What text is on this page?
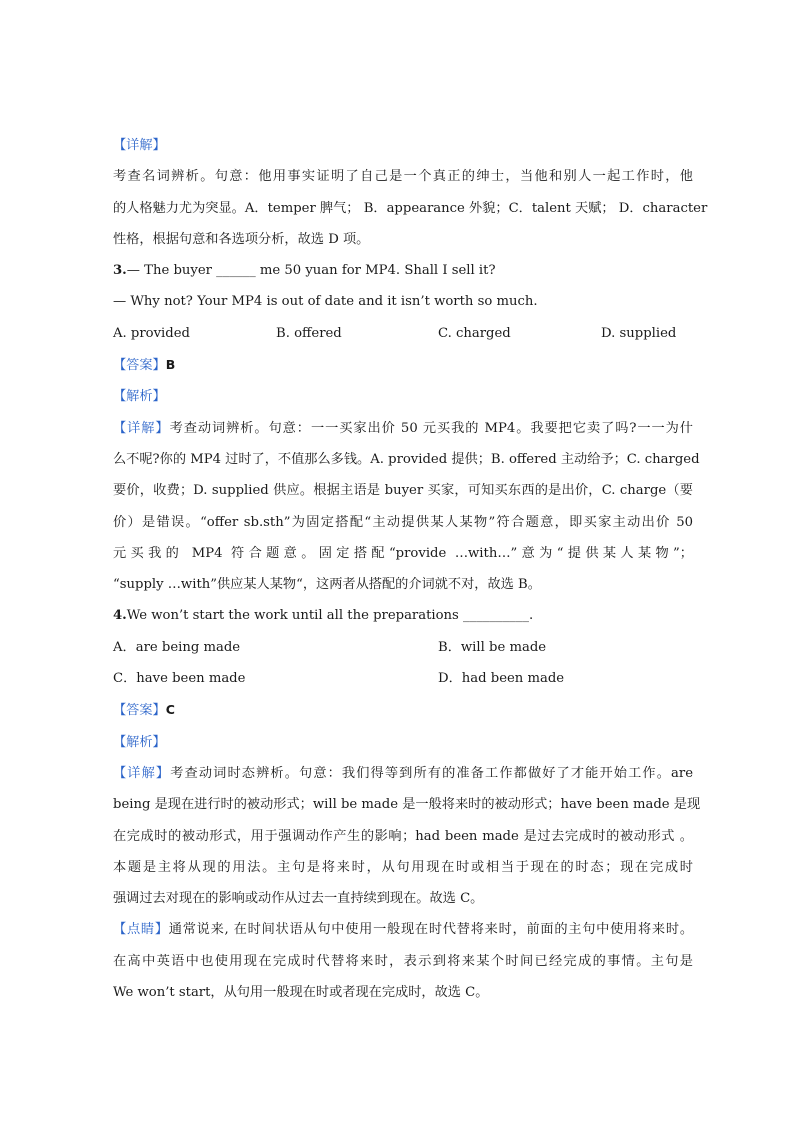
【详解】
考查名词辨析。句意：他用事实证明了自己是一个真正的绅士，当他和别人一起工作时，他
的人格魅力尤为突显。A．temper 脾气； B．appearance 外貌；C．talent 天赋； D．character
性格，根据句意和各选项分析，故选 D 项。
3.— The buyer ______ me 50 yuan for MP4. Shall I sell it?
— Why not? Your MP4 is out of date and it isn’t worth so much.
A. provided	B. offered	C. charged	D. supplied
【答案】B
【解析】
【详解】考查动词辨析。句意：一一买家出价 50 元买我的 MP4。我要把它卖了吗?一一为什
么不呢?你的 MP4 过时了，不值那么多钱。A. provided 提供；B. offered 主动给予；C. charged
要价，收费；D. supplied 供应。根据主语是 buyer 买家，可知买东西的是出价，C. charge（要
价）是错误。“offer sb.sth”为固定搭配“主动提供某人某物”符合题意，即买家主动出价 50
元买我的 MP4 符合题意。固定搭配“provide …with…”意为“提供某人某物”；
“supply …with”供应某人某物“，这两者从搭配的介词就不对，故选 B。
4.We won’t start the work until all the preparations __________.
A．are being made	B．will be made
C．have been made	D．had been made
【答案】C
【解析】
【详解】考查动词时态辨析。句意：我们得等到所有的准备工作都做好了才能开始工作。are
being 是现在进行时的被动形式；will be made 是一般将来时的被动形式；have been made 是现
在完成时的被动形式，用于强调动作产生的影响；had been made 是过去完成时的被动形式 。
本题是主将从现的用法。主句是将来时，从句用现在时或相当于现在的时态；现在完成时
强调过去对现在的影响或动作从过去一直持续到现在。故选 C。
【点睛】通常说来, 在时间状语从句中使用一般现在时代替将来时，前面的主句中使用将来时。
在高中英语中也使用现在完成时代替将来时，表示到将来某个时间已经完成的事情。主句是
We won’t start，从句用一般现在时或者现在完成时，故选 C。
